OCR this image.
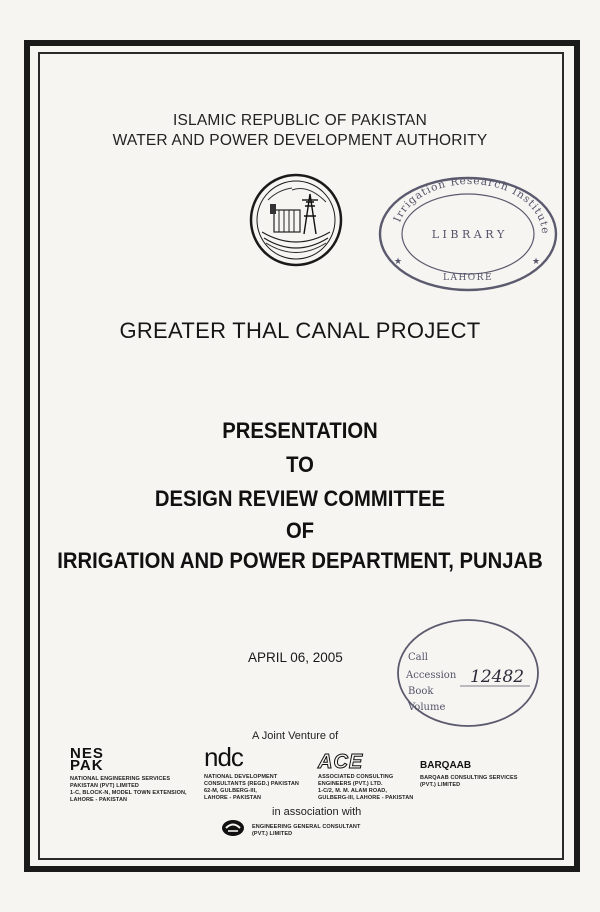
ISLAMIC REPUBLIC OF PAKISTAN
WATER AND POWER DEVELOPMENT AUTHORITY
Irrigation Research Institute
L I B R A R Y
LAHORE
★	★
GREATER THAL CANAL PROJECT
PRESENTATION
TO
DESIGN REVIEW COMMITTEE
OF
IRRIGATION AND POWER DEPARTMENT, PUNJAB
APRIL 06, 2005	Call
Accession 12482
Book
Volume
A Joint Venture of
NES
PAK
NATIONAL ENGINEERING SERVICES
PAKISTAN (PVT) LIMITED
1-C, BLOCK-N, MODEL TOWN EXTENSION,
LAHORE - PAKISTAN
ndc
NATIONAL DEVELOPMENT
CONSULTANTS (REGD.) PAKISTAN
62-M, GULBERG-III,
LAHORE - PAKISTAN
ACE
ASSOCIATED CONSULTING
ENGINEERS (PVT.) LTD.
1-C/2, M. M. ALAM ROAD,
GULBERG-III, LAHORE - PAKISTAN
BARQAAB
BARQAAB CONSULTING SERVICES
(PVT.) LIMITED
in association with
ENGINEERING GENERAL CONSULTANT
(PVT.) LIMITED
